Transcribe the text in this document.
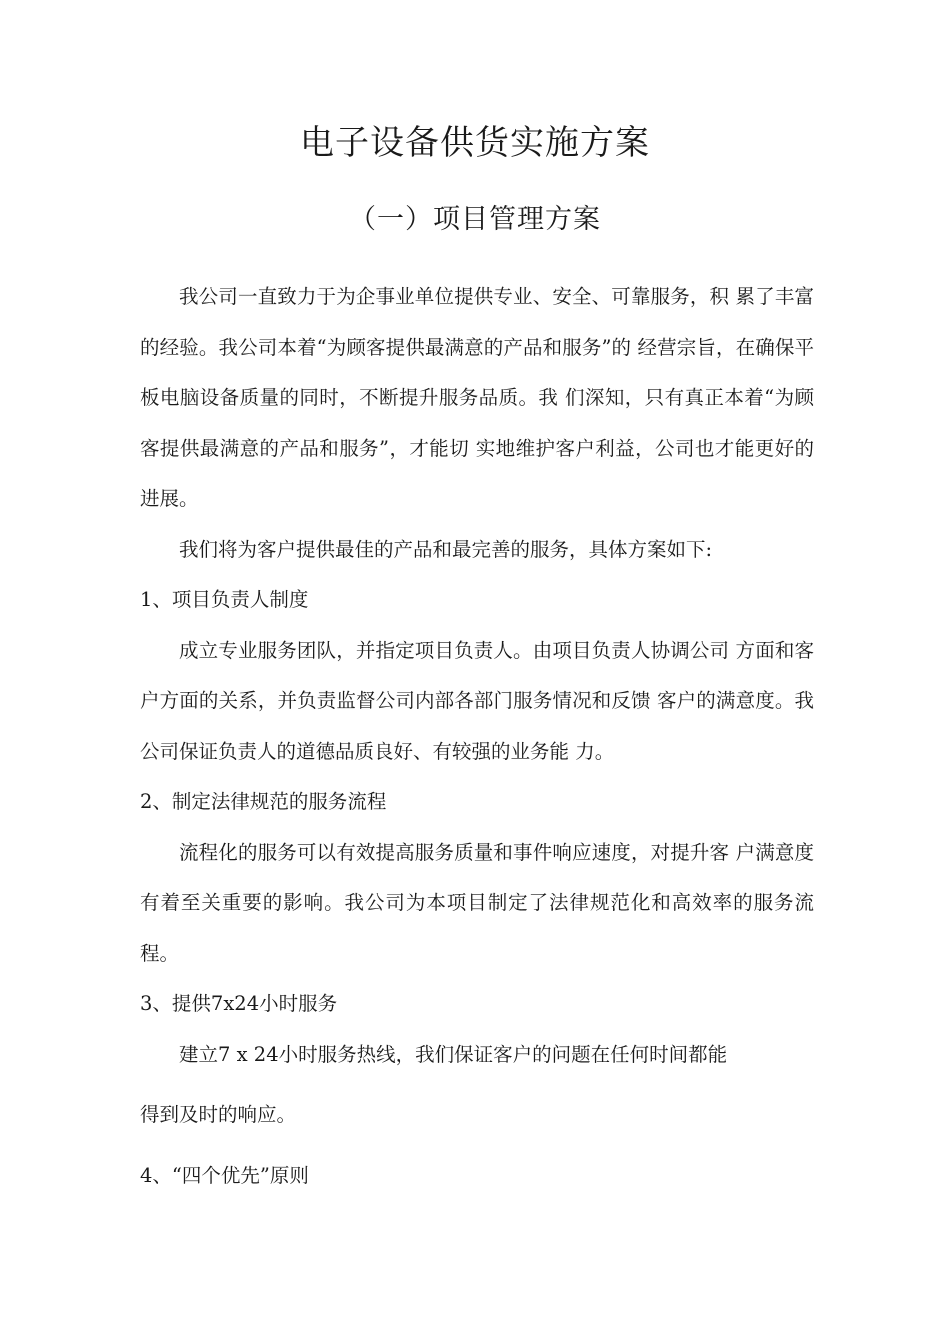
电子设备供货实施方案
（一）项目管理方案

我公司一直致力于为企事业单位提供专业、安全、可靠服务，积 累了丰富的经验。我公司本着“为顾客提供最满意的产品和服务”的 经营宗旨，在确保平板电脑设备质量的同时，不断提升服务品质。我 们深知，只有真正本着“为顾客提供最满意的产品和服务”，才能切 实地维护客户利益，公司也才能更好的进展。

我们将为客户提供最佳的产品和最完善的服务，具体方案如下:

1、项目负责人制度

成立专业服务团队，并指定项目负责人。由项目负责人协调公司 方面和客户方面的关系，并负责监督公司内部各部门服务情况和反馈 客户的满意度。我公司保证负责人的道德品质良好、有较强的业务能 力。

2、制定法律规范的服务流程

流程化的服务可以有效提高服务质量和事件响应速度，对提升客 户满意度有着至关重要的影响。我公司为本项目制定了法律规范化和高效率的服务流程。

3、提供7x24小时服务

建立7 x 24小时服务热线，我们保证客户的问题在任何时间都能

得到及时的响应。

4、“四个优先”原则
